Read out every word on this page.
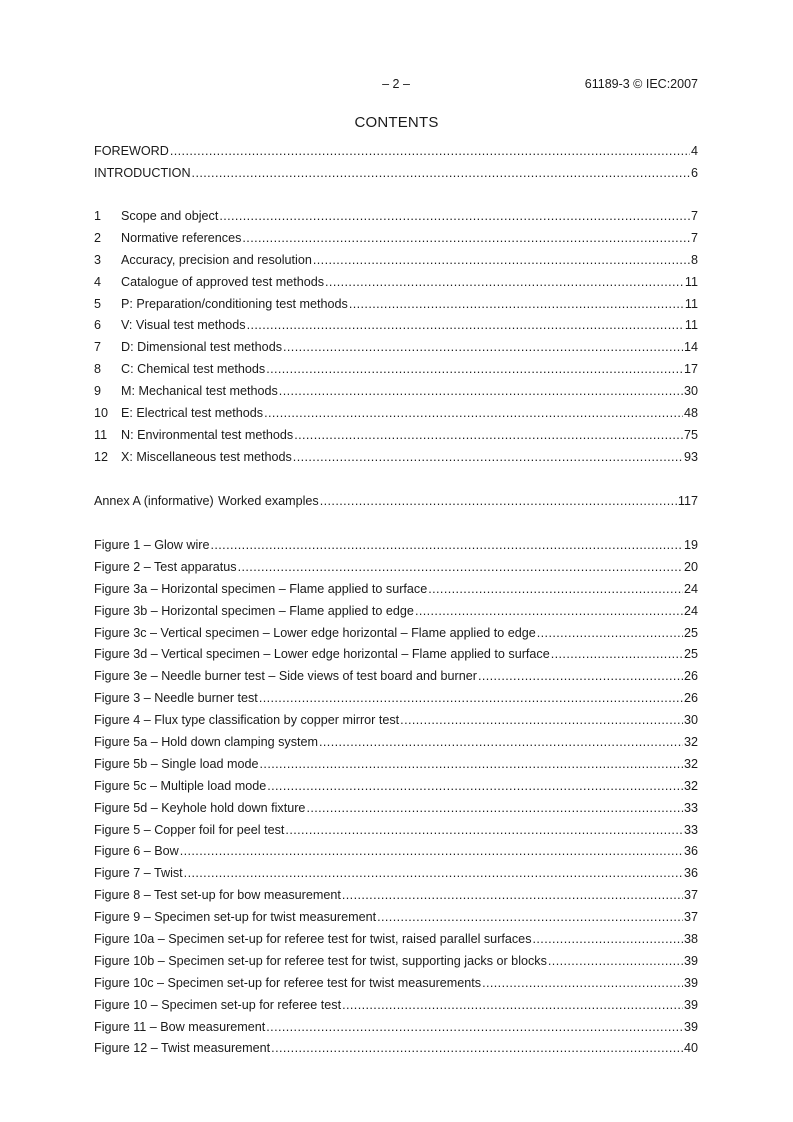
– 2 –	61189-3 © IEC:2007
CONTENTS
FOREWORD .....	4
INTRODUCTION .....	6
1	Scope and object .....	7
2	Normative references .....	7
3	Accuracy, precision and resolution .....	8
4	Catalogue of approved test methods .....	11
5	P: Preparation/conditioning test methods .....	11
6	V: Visual test methods .....	11
7	D: Dimensional test methods .....	14
8	C: Chemical test methods .....	17
9	M: Mechanical test methods .....	30
10	E: Electrical test methods .....	48
11	N: Environmental test methods .....	75
12	X: Miscellaneous test methods .....	93
Annex A (informative) Worked examples .....	117
Figure 1 – Glow wire .....	19
Figure 2 – Test apparatus .....	20
Figure 3a – Horizontal specimen – Flame applied to surface .....	24
Figure 3b – Horizontal specimen – Flame applied to edge .....	24
Figure 3c – Vertical specimen – Lower edge horizontal – Flame applied to edge .....	25
Figure 3d – Vertical specimen – Lower edge horizontal – Flame applied to surface .....	25
Figure 3e – Needle burner test – Side views of test board and burner .....	26
Figure 3 – Needle burner test .....	26
Figure 4 – Flux type classification by copper mirror test .....	30
Figure 5a – Hold down clamping system .....	32
Figure 5b – Single load mode .....	32
Figure 5c – Multiple load mode .....	32
Figure 5d – Keyhole hold down fixture .....	33
Figure 5 – Copper foil for peel test .....	33
Figure 6 – Bow .....	36
Figure 7 – Twist .....	36
Figure 8 – Test set-up for bow measurement .....	37
Figure 9 – Specimen set-up for twist measurement .....	37
Figure 10a – Specimen set-up for referee test for twist, raised parallel surfaces .....	38
Figure 10b – Specimen set-up for referee test for twist, supporting jacks or blocks .....	39
Figure 10c – Specimen set-up for referee test for twist measurements .....	39
Figure 10 – Specimen set-up for referee test .....	39
Figure 11 – Bow measurement .....	39
Figure 12 – Twist measurement .....	40
